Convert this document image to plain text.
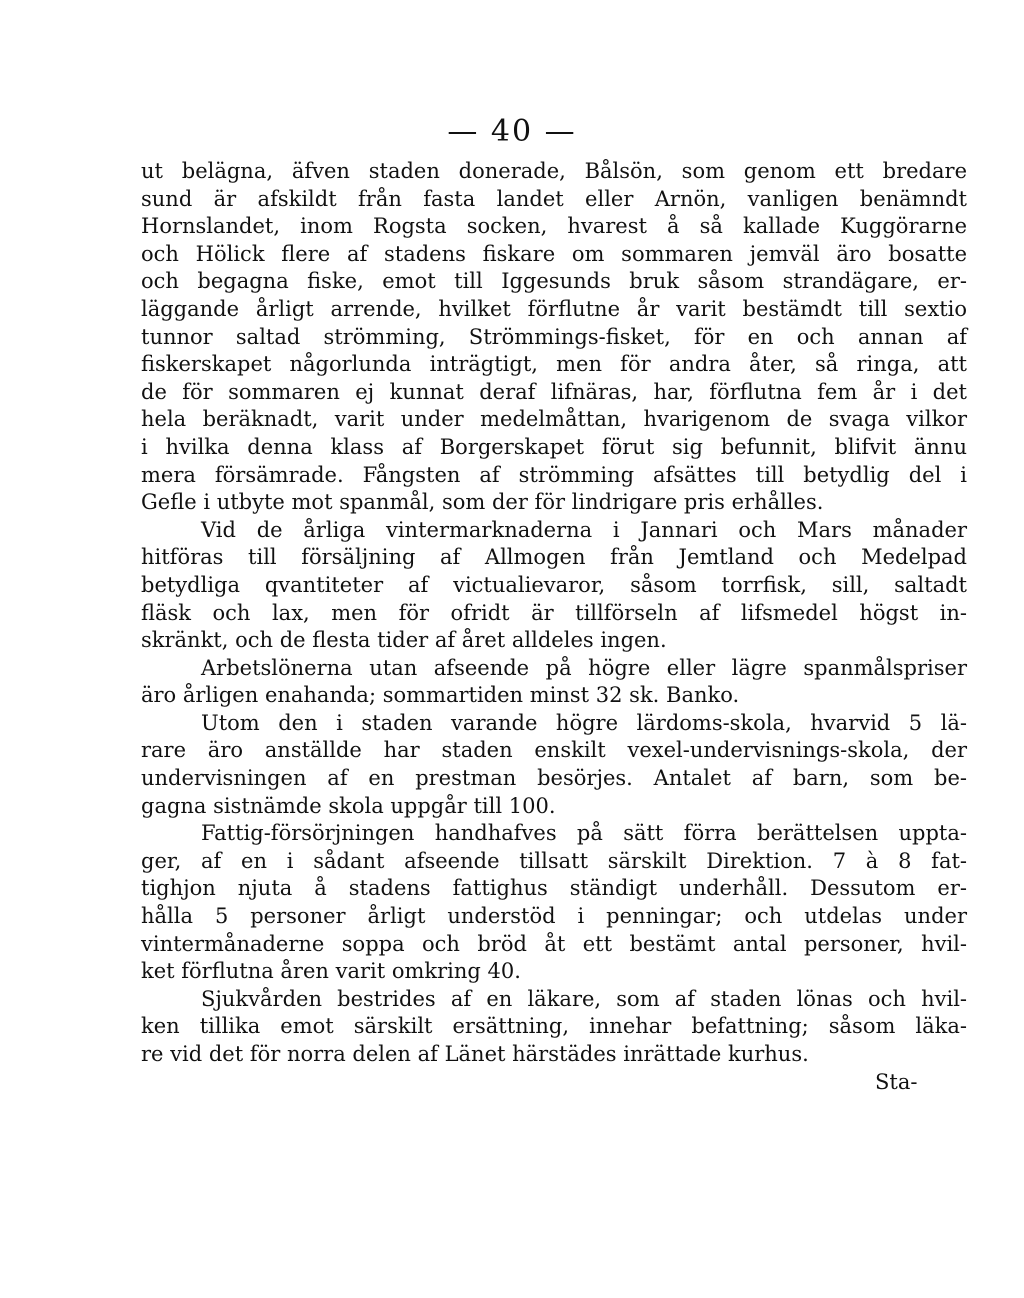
— 40 —
ut belägna, äfven staden donerade, Bålsön, som genom ett bredare
sund är afskildt från fasta landet eller Arnön, vanligen benämndt
Hornslandet, inom Rogsta socken, hvarest å så kallade Kuggörarne
och Hölick flere af stadens fiskare om sommaren jemväl äro bosatte
och begagna fiske, emot till Iggesunds bruk såsom strandägare, er-
läggande årligt arrende, hvilket förflutne år varit bestämdt till sextio
tunnor saltad strömming, Strömmings-fisket, för en och annan af
fiskerskapet någorlunda inträgtigt, men för andra åter, så ringa, att
de för sommaren ej kunnat deraf lifnäras, har, förflutna fem år i det
hela beräknadt, varit under medelmåttan, hvarigenom de svaga vilkor
i hvilka denna klass af Borgerskapet förut sig befunnit, blifvit ännu
mera försämrade. Fångsten af strömming afsättes till betydlig del i
Gefle i utbyte mot spanmål, som der för lindrigare pris erhålles.
Vid de årliga vintermarknaderna i Jannari och Mars månader
hitföras till försäljning af Allmogen från Jemtland och Medelpad
betydliga qvantiteter af victualievaror, såsom torrfisk, sill, saltadt
fläsk och lax, men för ofridt är tillförseln af lifsmedel högst in-
skränkt, och de flesta tider af året alldeles ingen.
Arbetslönerna utan afseende på högre eller lägre spanmålspriser
äro årligen enahanda; sommartiden minst 32 sk. Banko.
Utom den i staden varande högre lärdoms-skola, hvarvid 5 lä-
rare äro anställde har staden enskilt vexel-undervisnings-skola, der
undervisningen af en prestman besörjes. Antalet af barn, som be-
gagna sistnämde skola uppgår till 100.
Fattig-försörjningen handhafves på sätt förra berättelsen uppta-
ger, af en i sådant afseende tillsatt särskilt Direktion. 7 à 8 fat-
tighjon njuta å stadens fattighus ständigt underhåll. Dessutom er-
hålla 5 personer årligt understöd i penningar; och utdelas under
vintermånaderne soppa och bröd åt ett bestämt antal personer, hvil-
ket förflutna åren varit omkring 40.
Sjukvården bestrides af en läkare, som af staden lönas och hvil-
ken tillika emot särskilt ersättning, innehar befattning; såsom läka-
re vid det för norra delen af Länet härstädes inrättade kurhus.
Sta-
